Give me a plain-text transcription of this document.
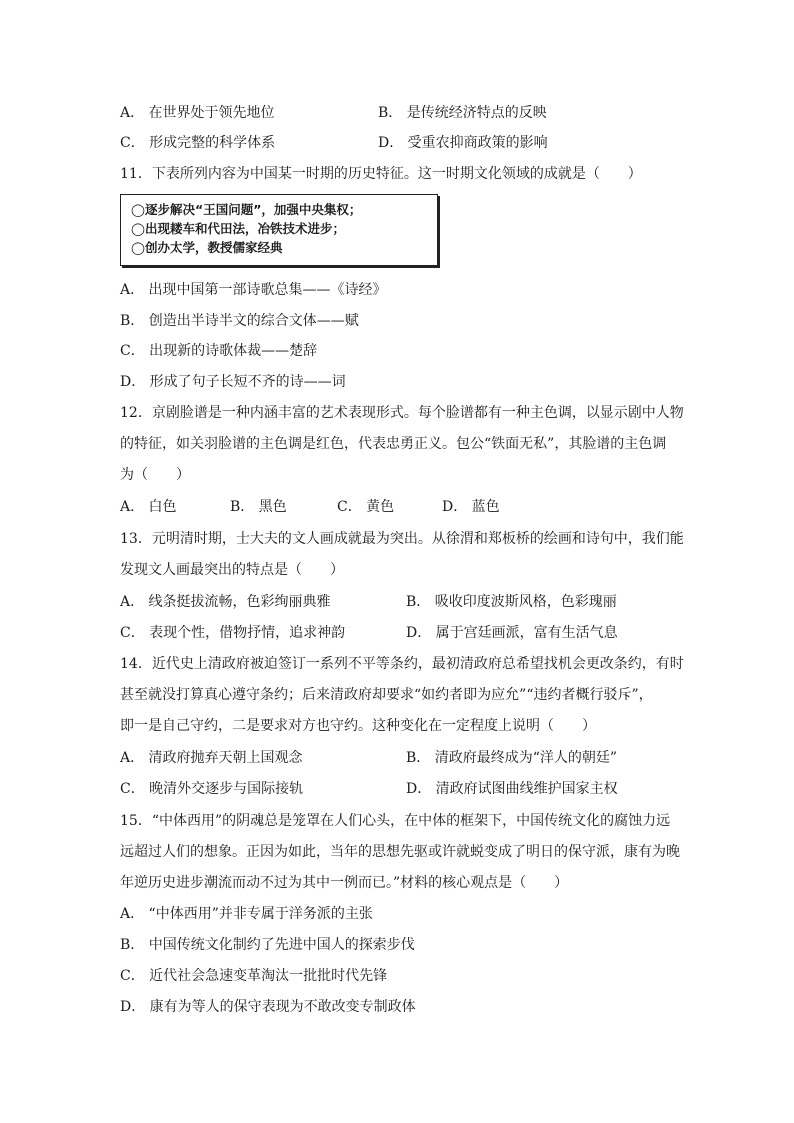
A． 在世界处于领先地位	B． 是传统经济特点的反映
C． 形成完整的科学体系	D． 受重农抑商政策的影响
11．下表所列内容为中国某一时期的历史特征。这一时期文化领域的成就是（　　）
◯逐步解决“王国问题”，加强中央集权；
◯出现耧车和代田法，冶铁技术进步；
◯创办太学，教授儒家经典
A． 出现中国第一部诗歌总集——《诗经》
B． 创造出半诗半文的综合文体——赋
C． 出现新的诗歌体裁——楚辞
D． 形成了句子长短不齐的诗——词
12．京剧脸谱是一种内涵丰富的艺术表现形式。每个脸谱都有一种主色调，以显示剧中人物
的特征，如关羽脸谱的主色调是红色，代表忠勇正义。包公“铁面无私”，其脸谱的主色调
为（　　）
A． 白色	B． 黑色	C． 黄色	D． 蓝色
13．元明清时期，士大夫的文人画成就最为突出。从徐渭和郑板桥的绘画和诗句中，我们能
发现文人画最突出的特点是（　　）
A． 线条挺拔流畅，色彩绚丽典雅	B． 吸收印度波斯风格，色彩瑰丽
C． 表现个性，借物抒情，追求神韵	D． 属于宫廷画派，富有生活气息
14．近代史上清政府被迫签订一系列不平等条约，最初清政府总希望找机会更改条约，有时
甚至就没打算真心遵守条约；后来清政府却要求“如约者即为应允”“违约者概行驳斥”，
即一是自己守约，二是要求对方也守约。这种变化在一定程度上说明（　　）
A． 清政府抛弃天朝上国观念	B． 清政府最终成为“洋人的朝廷”
C． 晚清外交逐步与国际接轨	D． 清政府试图曲线维护国家主权
15．“中体西用”的阴魂总是笼罩在人们心头，在中体的框架下，中国传统文化的腐蚀力远
远超过人们的想象。正因为如此，当年的思想先驱或许就蜕变成了明日的保守派，康有为晚
年逆历史进步潮流而动不过为其中一例而已。”材料的核心观点是（　　）
A． “中体西用”并非专属于洋务派的主张
B． 中国传统文化制约了先进中国人的探索步伐
C． 近代社会急速变革淘汰一批批时代先锋
D． 康有为等人的保守表现为不敢改变专制政体
